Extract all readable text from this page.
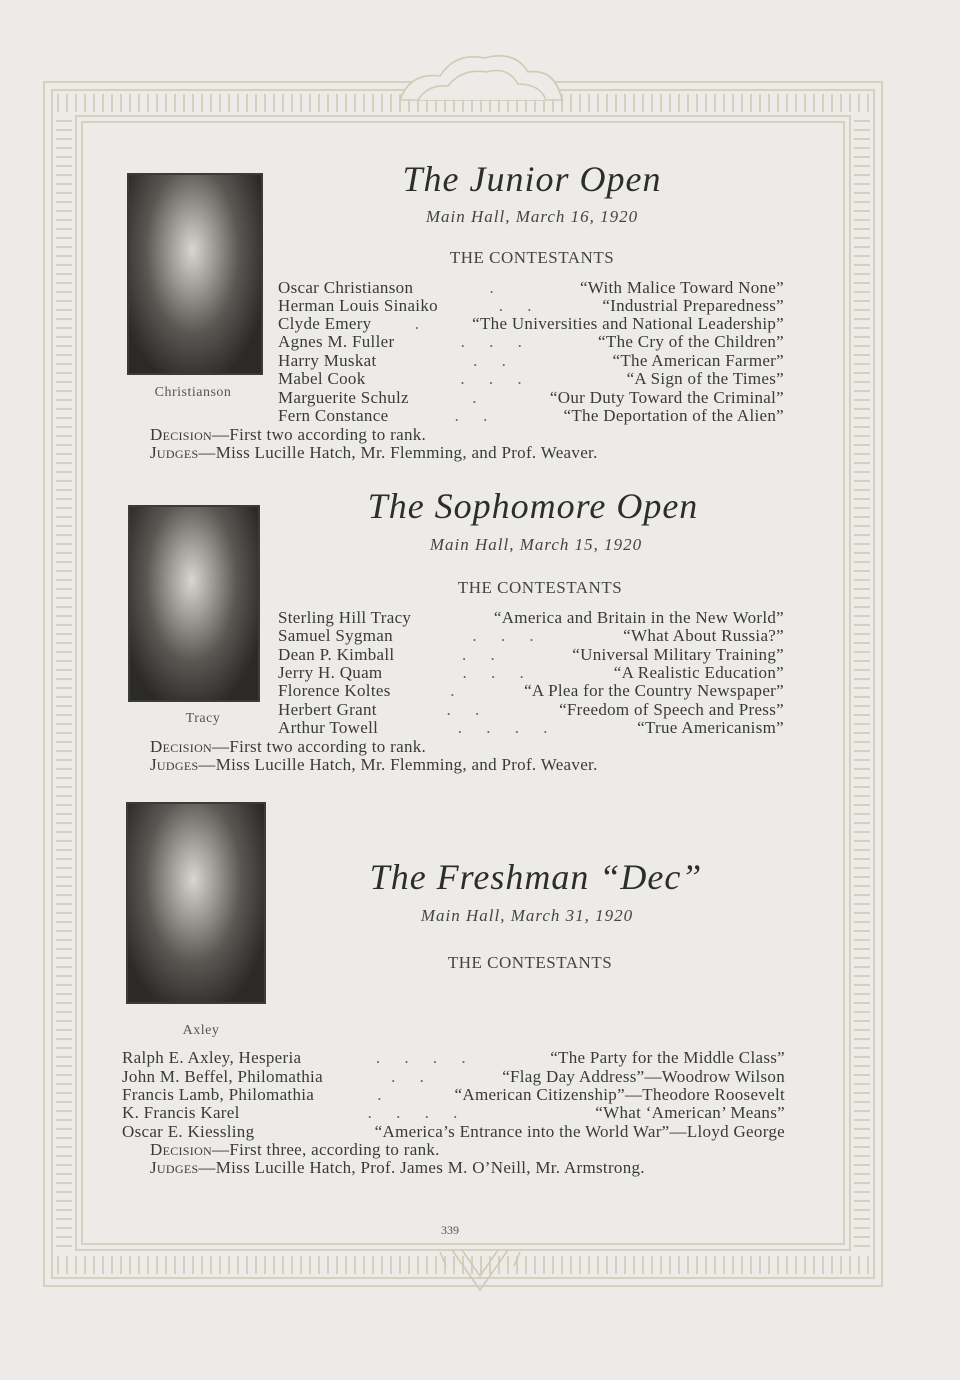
Christianson
The Junior Open
Main Hall, March 16, 1920
THE CONTESTANTS
Oscar Christianson	.	“With Malice Toward None”
Herman Louis Sinaiko	. .	“Industrial Preparedness”
Clyde Emery	.	“The Universities and National Leadership”
Agnes M. Fuller	. . .	“The Cry of the Children”
Harry Muskat	. .	“The American Farmer”
Mabel Cook	. . .	“A Sign of the Times”
Marguerite Schulz	.	“Our Duty Toward the Criminal”
Fern Constance	. .	“The Deportation of the Alien”
Decision—First two according to rank.
Judges—Miss Lucille Hatch, Mr. Flemming, and Prof. Weaver.
Tracy
The Sophomore Open
Main Hall, March 15, 1920
THE CONTESTANTS
Sterling Hill Tracy	“America and Britain in the New World”
Samuel Sygman	. . .	“What About Russia?”
Dean P. Kimball	. .	“Universal Military Training”
Jerry H. Quam	. . .	“A Realistic Education”
Florence Koltes	.	“A Plea for the Country Newspaper”
Herbert Grant	. .	“Freedom of Speech and Press”
Arthur Towell	. . . .	“True Americanism”
Decision—First two according to rank.
Judges—Miss Lucille Hatch, Mr. Flemming, and Prof. Weaver.
Axley
The Freshman “Dec”
Main Hall, March 31, 1920
THE CONTESTANTS
Ralph E. Axley, Hesperia	. . . .	“The Party for the Middle Class”
John M. Beffel, Philomathia	. .	“Flag Day Address”—Woodrow Wilson
Francis Lamb, Philomathia	.	“American Citizenship”—Theodore Roosevelt
K. Francis Karel	. . . .	“What ‘American’ Means”
Oscar E. Kiessling	“America’s Entrance into the World War”—Lloyd George
Decision—First three, according to rank.
Judges—Miss Lucille Hatch, Prof. James M. O’Neill, Mr. Armstrong.
339
